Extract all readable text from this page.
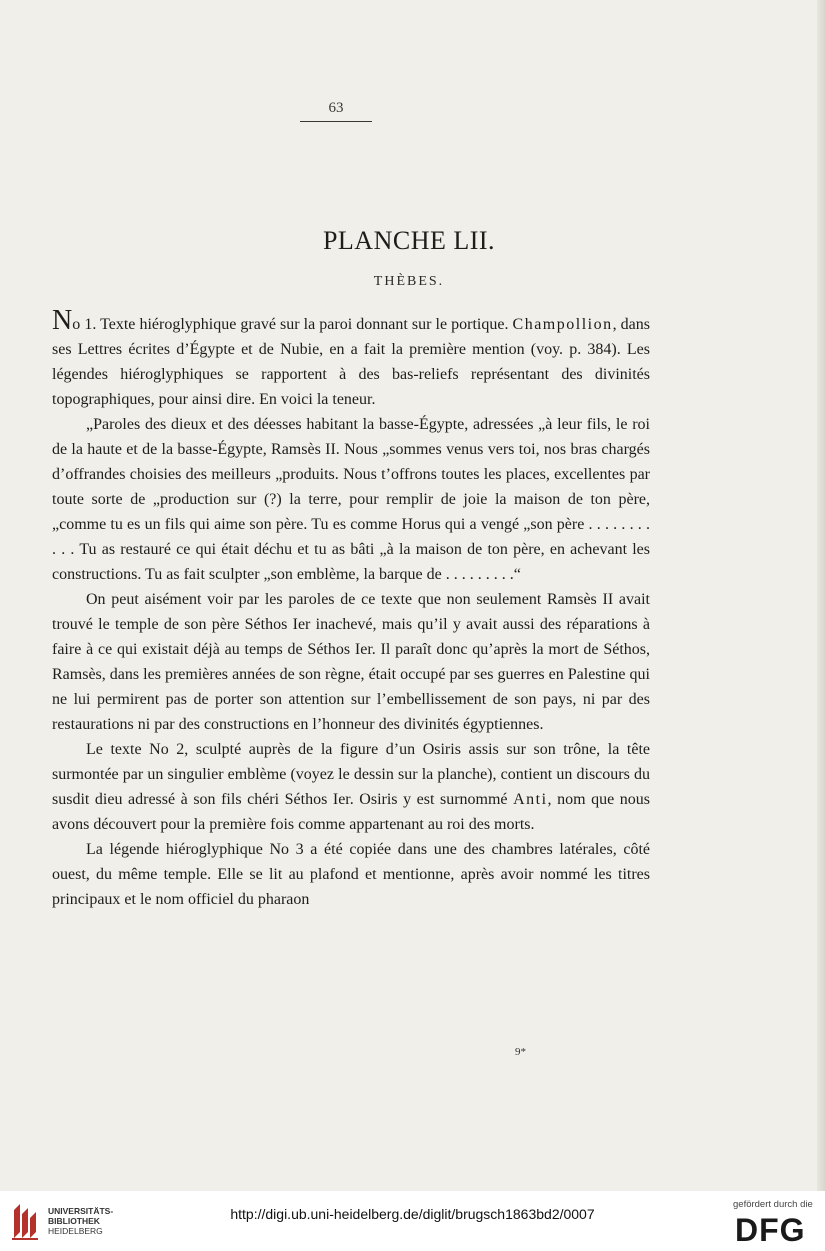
63
PLANCHE LII.
THÈBES.

No 1. Texte hiéroglyphique gravé sur la paroi donnant sur le portique. Champollion, dans ses Lettres écrites d’Égypte et de Nubie, en a fait la première mention (voy. p. 384). Les légendes hiéroglyphiques se rapportent à des bas-reliefs représentant des divinités topographiques, pour ainsi dire. En voici la teneur.

„Paroles des dieux et des déesses habitant la basse-Égypte, adressées „à leur fils, le roi de la haute et de la basse-Égypte, Ramsès II. Nous „sommes venus vers toi, nos bras chargés d’offrandes choisies des meilleurs „produits. Nous t’offrons toutes les places, excellentes par toute sorte de „production sur (?) la terre, pour remplir de joie la maison de ton père, „comme tu es un fils qui aime son père. Tu es comme Horus qui a vengé „son père . . . . . . . . . . . Tu as restauré ce qui était déchu et tu as bâti „à la maison de ton père, en achevant les constructions. Tu as fait sculpter „son emblème, la barque de . . . . . . . . .“

On peut aisément voir par les paroles de ce texte que non seulement Ramsès II avait trouvé le temple de son père Séthos Ier inachevé, mais qu’il y avait aussi des réparations à faire à ce qui existait déjà au temps de Séthos Ier. Il paraît donc qu’après la mort de Séthos, Ramsès, dans les premières années de son règne, était occupé par ses guerres en Palestine qui ne lui permirent pas de porter son attention sur l’embellissement de son pays, ni par des restaurations ni par des constructions en l’honneur des divinités égyptiennes.

Le texte No 2, sculpté auprès de la figure d’un Osiris assis sur son trône, la tête surmontée par un singulier emblème (voyez le dessin sur la planche), contient un discours du susdit dieu adressé à son fils chéri Séthos Ier. Osiris y est surnommé Anti, nom que nous avons découvert pour la première fois comme appartenant au roi des morts.

La légende hiéroglyphique No 3 a été copiée dans une des chambres latérales, côté ouest, du même temple. Elle se lit au plafond et mentionne, après avoir nommé les titres principaux et le nom officiel du pharaon

9*
UNIVERSITÄTS-
BIBLIOTHEK
HEIDELBERG
http://digi.ub.uni-heidelberg.de/diglit/brugsch1863bd2/0007
gefördert durch die
DFG
